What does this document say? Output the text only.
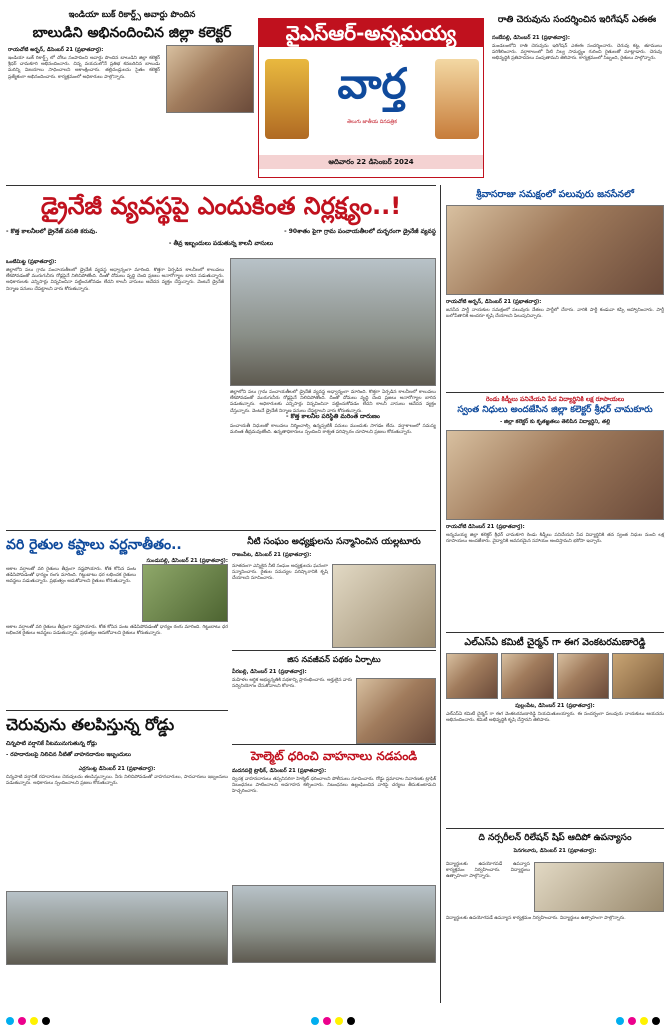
ఇండియా బుక్ రికార్డ్స్ అవార్డు పొందిన
బాలుడిని అభినందించిన జిల్లా కలెక్టర్
రాయచోటి అర్బన్, డిసెంబర్ 21 (ప్రభాతవార్త):
ఇండియా బుక్ రికార్డ్స్ లో చోటు సంపాదించి అవార్డు పొందిన బాలుడిని జిల్లా కలెక్టర్ శ్రీధర్ చామకూరి అభినందించారు. చిన్న వయసులోనే ప్రతిభ కనబరిచిన బాలుడు మరిన్ని విజయాలు సాధించాలని ఆకాంక్షించారు. తల్లిదండ్రులను సైతం కలెక్టర్ ప్రత్యేకంగా అభినందించారు. కార్యక్రమంలో అధికారులు పాల్గొన్నారు.
వైఎస్ఆర్-అన్నమయ్య
వార్త
తెలుగు జాతీయ దినపత్రిక
ఆదివారం 22 డిసెంబర్ 2024
రాతి చెరువును సందర్శించిన ఇరిగేషన్ ఎఈఈ
సంబేపల్లి, డిసెంబర్ 21 (ప్రభాతవార్త):
మండలంలోని రాతి చెరువును ఇరిగేషన్ ఎఈఈ సందర్శించారు. చెరువు కట్ట, తూములు పరిశీలించారు. వర్షాకాలంలో నీటి నిల్వ సామర్థ్యం గురించి రైతులతో మాట్లాడారు. చెరువు అభివృద్ధికి ప్రతిపాదనలు పంపుతామని తెలిపారు. కార్యక్రమంలో సిబ్బంది, రైతులు పాల్గొన్నారు.
డ్రైనేజీ వ్యవస్థపై ఎందుకింత నిర్లక్ష్యం..!
- కొత్త కాలనీలలో డ్రైనేజ్ వసతి కరువు.	- 90శాతం పైగా గ్రామ పంచాయతీలలో దుర్భరంగా డ్రైనేజీ వ్యవస్థ
- తీవ్ర ఇబ్బందులు పడుతున్న కాలనీ వాసులు
ఒంటిమిట్ట (ప్రభాతవార్త):
జిల్లాలోని పలు గ్రామ పంచాయతీలలో డ్రైనేజీ వ్యవస్థ అధ్వాన్నంగా మారింది. కొత్తగా ఏర్పడిన కాలనీలలో కాలువలు లేకపోవడంతో మురుగునీరు రోడ్లపైనే నిలిచిపోతోంది. దీంతో దోమలు వృద్ధి చెంది ప్రజలు అనారోగ్యాల బారిన పడుతున్నారు. అధికారులకు ఎన్నిసార్లు విన్నవించినా పట్టించుకోవడం లేదని కాలనీ వాసులు ఆవేదన వ్యక్తం చేస్తున్నారు. వెంటనే డ్రైనేజీ నిర్మాణ పనులు చేపట్టాలని వారు కోరుతున్నారు.
జిల్లాలోని పలు గ్రామ పంచాయతీలలో డ్రైనేజీ వ్యవస్థ అధ్వాన్నంగా మారింది. కొత్తగా ఏర్పడిన కాలనీలలో కాలువలు లేకపోవడంతో మురుగునీరు రోడ్లపైనే నిలిచిపోతోంది. దీంతో దోమలు వృద్ధి చెంది ప్రజలు అనారోగ్యాల బారిన పడుతున్నారు. అధికారులకు ఎన్నిసార్లు విన్నవించినా పట్టించుకోవడం లేదని కాలనీ వాసులు ఆవేదన వ్యక్తం చేస్తున్నారు. వెంటనే డ్రైనేజీ నిర్మాణ పనులు చేపట్టాలని వారు కోరుతున్నారు.
- కొత్త కాలనీల పరిస్థితి మరింత దారుణం
పంచాయతీ నిధులతో కాలువలు నిర్మించాల్సి ఉన్నప్పటికీ పనులు ముందుకు సాగడం లేదు. వర్షాకాలంలో సమస్య మరింత తీవ్రమవుతోంది. ఉన్నతాధికారులు స్పందించి శాశ్వత పరిష్కారం చూపాలని ప్రజలు కోరుతున్నారు.
వరి రైతుల కష్టాలు వర్ణనాతీతం..
సుండుపల్లి, డిసెంబర్ 21 (ప్రభాతవార్త):
అకాల వర్షాలతో వరి రైతులు తీవ్రంగా నష్టపోయారు. కోత కోసిన పంట తడిసిపోవడంతో ధాన్యం రంగు మారింది. గిట్టుబాటు ధర లభించక రైతులు అవస్థలు పడుతున్నారు. ప్రభుత్వం ఆదుకోవాలని రైతులు కోరుతున్నారు.
అకాల వర్షాలతో వరి రైతులు తీవ్రంగా నష్టపోయారు. కోత కోసిన పంట తడిసిపోవడంతో ధాన్యం రంగు మారింది. గిట్టుబాటు ధర లభించక రైతులు అవస్థలు పడుతున్నారు. ప్రభుత్వం ఆదుకోవాలని రైతులు కోరుతున్నారు.
చెరువును తలపిస్తున్న రోడ్డు
చిన్నపాటి వర్షానికే నీటమునుగుతున్న రోడ్లు
- రహదారులపై నిలిచిన నీటితో వాహనదారుల ఇబ్బందులు
ఎర్రగుంట్ల డిసెంబర్ 21 (ప్రభాతవార్త):
చిన్నపాటి వర్షానికే రహదారులు చెరువులను తలపిస్తున్నాయి. నీరు నిలిచిపోవడంతో వాహనదారులు, పాదచారులు ఇబ్బందులు పడుతున్నారు. అధికారులు స్పందించాలని ప్రజలు కోరుతున్నారు.
నీటి సంఘం అధ్యక్షులను సన్మానించిన యల్లటూరు
రాజంపేట, డిసెంబర్ 21 (ప్రభాతవార్త):
నూతనంగా ఎన్నికైన నీటి సంఘం అధ్యక్షులను ఘనంగా సన్మానించారు. రైతుల సమస్యల పరిష్కారానికి కృషి చేయాలని సూచించారు.
జిస నవజీవన్ పథకం ఏర్పాటు
వీరబల్లి, డిసెంబర్ 21 (ప్రభాతవార్త):
మహిళల ఆర్థిక అభ్యున్నతికి పథకాన్ని ప్రారంభించారు. అర్హులైన వారు సద్వినియోగం చేసుకోవాలని కోరారు.
హెల్మెట్ ధరించి వాహనాలు నడపండి
మదనపల్లె ట్రాఫిక్, డిసెంబర్ 21 (ప్రభాతవార్త):
ద్విచక్ర వాహనదారులు తప్పనిసరిగా హెల్మెట్ ధరించాలని పోలీసులు సూచించారు. రోడ్డు ప్రమాదాల నివారణకు ట్రాఫిక్ నిబంధనలు పాటించాలని అవగాహన కల్పించారు. నిబంధనలు ఉల్లంఘించిన వారిపై చర్యలు తీసుకుంటామని హెచ్చరించారు.
శ్రీవాసరాజు సమక్షంలో పలువురు జనసేనలో
రాయచోటి అర్బన్, డిసెంబర్ 21 (ప్రభాతవార్త):
జనసేన పార్టీ నాయకుల సమక్షంలో పలువురు నేతలు పార్టీలో చేరారు. వారికి పార్టీ కండువా కప్పి ఆహ్వానించారు. పార్టీ బలోపేతానికి అందరూ కృషి చేయాలని పిలుపునిచ్చారు.
రెండు కిడ్నీలు పనిచేయని పేద విద్యార్థినికి లక్ష రూపాయలు
స్వంత నిధులు అందజేసిన జిల్లా కలెక్టర్ శ్రీధర్ చామకూరు
- జిల్లా కలెక్టర్ కు కృతజ్ఞతలు తెలిపిన విద్యార్థిని, తల్లి
రాయచోటి డిసెంబర్ 21 (ప్రభాతవార్త):
అన్నమయ్య జిల్లా కలెక్టర్ శ్రీధర్ చామకూరి రెండు కిడ్నీలు పనిచేయని పేద విద్యార్థినికి తన స్వంత నిధుల నుంచి లక్ష రూపాయలు అందజేశారు. వైద్యానికి అవసరమైన సహాయం అందిస్తామని భరోసా ఇచ్చారు.
ఎల్ఎస్ఏ కమిటీ చైర్మన్ గా ఈగ వెంకటరమణారెడ్డి
పుల్లంపేట, డిసెంబర్ 21 (ప్రభాతవార్త):
ఎల్ఎస్ఏ కమిటీ చైర్మన్ గా ఈగ వెంకటరమణారెడ్డి నియమితులయ్యారు. ఈ సందర్భంగా పలువురు నాయకులు ఆయనను అభినందించారు. కమిటీ అభివృద్ధికి కృషి చేస్తానని తెలిపారు.
ది నర్సరీలన్ రిలేషన్ షిప్ ఆదిపో ఉపన్యాసం
పెనగలూరు, డిసెంబర్ 21 (ప్రభాతవార్త):
విద్యార్థులకు ఉపయోగపడే ఉపన్యాస కార్యక్రమం నిర్వహించారు. విద్యార్థులు ఉత్సాహంగా పాల్గొన్నారు.
విద్యార్థులకు ఉపయోగపడే ఉపన్యాస కార్యక్రమం నిర్వహించారు. విద్యార్థులు ఉత్సాహంగా పాల్గొన్నారు.
